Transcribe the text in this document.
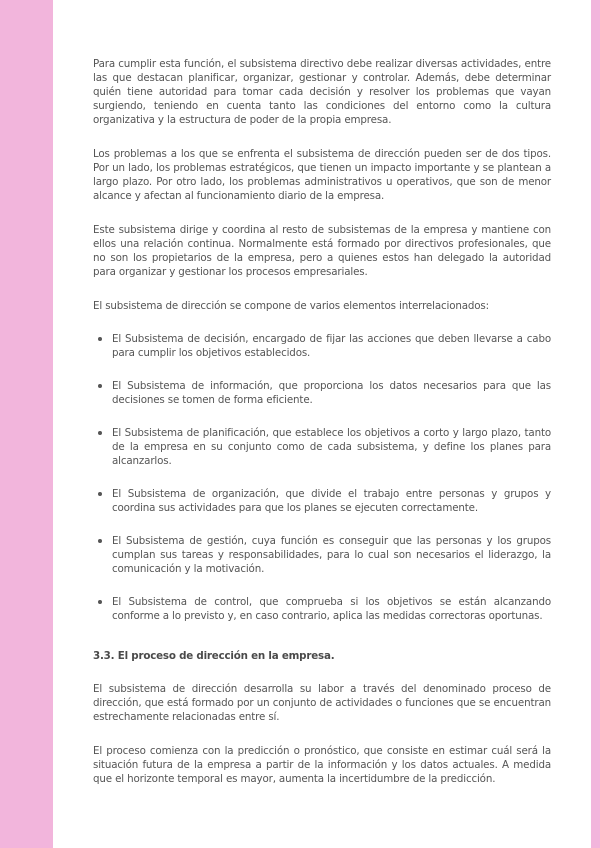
Para cumplir esta función, el subsistema directivo debe realizar diversas actividades, entre las que destacan planificar, organizar, gestionar y controlar. Además, debe determinar quién tiene autoridad para tomar cada decisión y resolver los problemas que vayan surgiendo, teniendo en cuenta tanto las condiciones del entorno como la cultura organizativa y la estructura de poder de la propia empresa.

Los problemas a los que se enfrenta el subsistema de dirección pueden ser de dos tipos. Por un lado, los problemas estratégicos, que tienen un impacto importante y se plantean a largo plazo. Por otro lado, los problemas administrativos u operativos, que son de menor alcance y afectan al funcionamiento diario de la empresa.

Este subsistema dirige y coordina al resto de subsistemas de la empresa y mantiene con ellos una relación continua. Normalmente está formado por directivos profesionales, que no son los propietarios de la empresa, pero a quienes estos han delegado la autoridad para organizar y gestionar los procesos empresariales.

El subsistema de dirección se compone de varios elementos interrelacionados:

El Subsistema de decisión, encargado de fijar las acciones que deben llevarse a cabo para cumplir los objetivos establecidos.
El Subsistema de información, que proporciona los datos necesarios para que las decisiones se tomen de forma eficiente.
El Subsistema de planificación, que establece los objetivos a corto y largo plazo, tanto de la empresa en su conjunto como de cada subsistema, y define los planes para alcanzarlos.
El Subsistema de organización, que divide el trabajo entre personas y grupos y coordina sus actividades para que los planes se ejecuten correctamente.
El Subsistema de gestión, cuya función es conseguir que las personas y los grupos cumplan sus tareas y responsabilidades, para lo cual son necesarios el liderazgo, la comunicación y la motivación.
El Subsistema de control, que comprueba si los objetivos se están alcanzando conforme a lo previsto y, en caso contrario, aplica las medidas correctoras oportunas.
3.3. El proceso de dirección en la empresa.

El subsistema de dirección desarrolla su labor a través del denominado proceso de dirección, que está formado por un conjunto de actividades o funciones que se encuentran estrechamente relacionadas entre sí.

El proceso comienza con la predicción o pronóstico, que consiste en estimar cuál será la situación futura de la empresa a partir de la información y los datos actuales. A medida que el horizonte temporal es mayor, aumenta la incertidumbre de la predicción.
